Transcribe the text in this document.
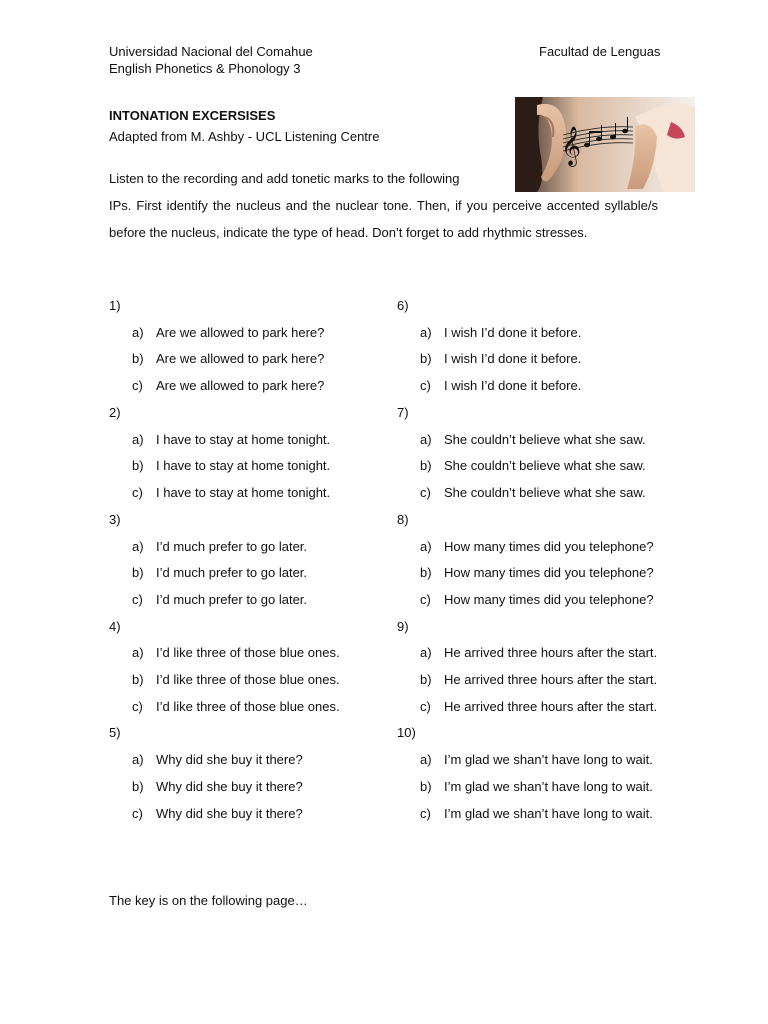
Universidad Nacional del Comahue
English Phonetics & Phonology 3
Facultad de Lenguas
INTONATION EXCERSISES
Adapted from M. Ashby - UCL Listening Centre	𝄞

Listen to the recording and add tonetic marks to the following
IPs. First identify the nucleus and the nuclear tone. Then, if you perceive accented syllable/s before the nucleus, indicate the type of head. Don’t forget to add rhythmic stresses.

1)
a) Are we allowed to park here?
b) Are we allowed to park here?
c) Are we allowed to park here?
2)
a) I have to stay at home tonight.
b) I have to stay at home tonight.
c) I have to stay at home tonight.
3)
a) I’d much prefer to go later.
b) I’d much prefer to go later.
c) I’d much prefer to go later.
4)
a) I’d like three of those blue ones.
b) I’d like three of those blue ones.
c) I’d like three of those blue ones.
5)
a) Why did she buy it there?
b) Why did she buy it there?
c) Why did she buy it there?
6)
a) I wish I’d done it before.
b) I wish I’d done it before.
c) I wish I’d done it before.
7)
a) She couldn’t believe what she saw.
b) She couldn’t believe what she saw.
c) She couldn’t believe what she saw.
8)
a) How many times did you telephone?
b) How many times did you telephone?
c) How many times did you telephone?
9)
a) He arrived three hours after the start.
b) He arrived three hours after the start.
c) He arrived three hours after the start.
10)
a) I’m glad we shan’t have long to wait.
b) I’m glad we shan’t have long to wait.
c) I’m glad we shan’t have long to wait.
The key is on the following page…
